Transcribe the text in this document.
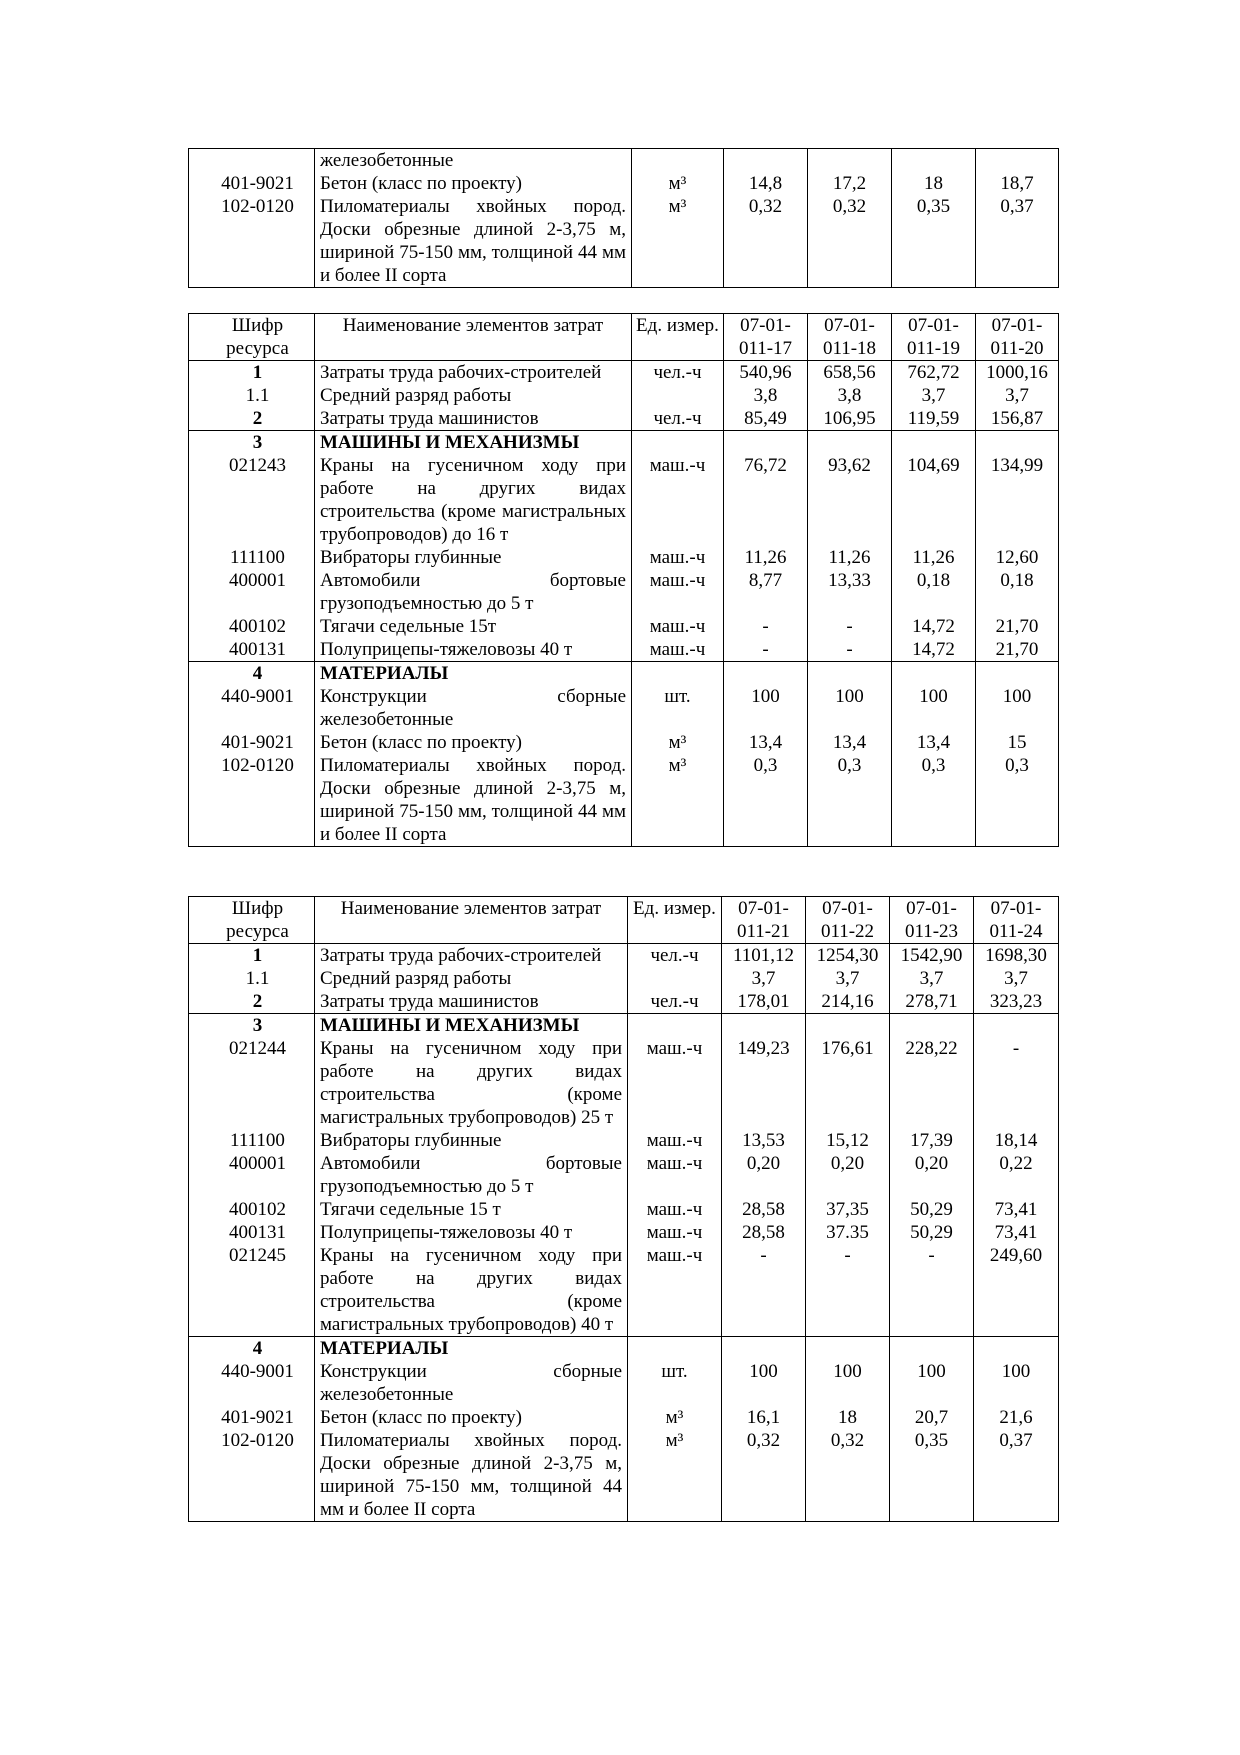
	железобетонные					
401-9021	Бетон (класс по проекту)	м³	14,8	17,2	18	18,7
102-0120	Пиломатериалы хвойных пород. Доски обрезные длиной 2-3,75 м, шириной 75-150 мм, толщиной 44 мм и более II сорта	м³	0,32	0,32	0,35	0,37
Шифр ресурса	Наименование элементов затрат	Ед. измер.	07-01-011-17	07-01-011-18	07-01-011-19	07-01-011-20
1	Затраты труда рабочих-строителей	чел.-ч	540,96	658,56	762,72	1000,16
1.1	Средний разряд работы		3,8	3,8	3,7	3,7
2	Затраты труда машинистов	чел.-ч	85,49	106,95	119,59	156,87
3	МАШИНЫ И МЕХАНИЗМЫ					
021243	Краны на гусеничном ходу при работе на других видах строительства (кроме магистральных трубопроводов) до 16 т	маш.-ч	76,72	93,62	104,69	134,99
111100	Вибраторы глубинные	маш.-ч	11,26	11,26	11,26	12,60
400001	Автомобили бортовые грузоподъемностью до 5 т	маш.-ч	8,77	13,33	0,18	0,18
400102	Тягачи седельные 15т	маш.-ч	-	-	14,72	21,70
400131	Полуприцепы-тяжеловозы 40 т	маш.-ч	-	-	14,72	21,70
4	МАТЕРИАЛЫ					
440-9001	Конструкции сборные железобетонные	шт.	100	100	100	100
401-9021	Бетон (класс по проекту)	м³	13,4	13,4	13,4	15
102-0120	Пиломатериалы хвойных пород. Доски обрезные длиной 2-3,75 м, шириной 75-150 мм, толщиной 44 мм и более II сорта	м³	0,3	0,3	0,3	0,3
Шифр ресурса	Наименование элементов затрат	Ед. измер.	07-01-011-21	07-01-011-22	07-01-011-23	07-01-011-24
1	Затраты труда рабочих-строителей	чел.-ч	1101,12	1254,30	1542,90	1698,30
1.1	Средний разряд работы		3,7	3,7	3,7	3,7
2	Затраты труда машинистов	чел.-ч	178,01	214,16	278,71	323,23
3	МАШИНЫ И МЕХАНИЗМЫ					
021244	Краны на гусеничном ходу при работе на других видах строительства (кроме магистральных трубопроводов) 25 т	маш.-ч	149,23	176,61	228,22	-
111100	Вибраторы глубинные	маш.-ч	13,53	15,12	17,39	18,14
400001	Автомобили бортовые грузоподъемностью до 5 т	маш.-ч	0,20	0,20	0,20	0,22
400102	Тягачи седельные 15 т	маш.-ч	28,58	37,35	50,29	73,41
400131	Полуприцепы-тяжеловозы 40 т	маш.-ч	28,58	37.35	50,29	73,41
021245	Краны на гусеничном ходу при работе на других видах строительства (кроме магистральных трубопроводов) 40 т	маш.-ч	-	-	-	249,60
4	МАТЕРИАЛЫ					
440-9001	Конструкции сборные железобетонные	шт.	100	100	100	100
401-9021	Бетон (класс по проекту)	м³	16,1	18	20,7	21,6
102-0120	Пиломатериалы хвойных пород. Доски обрезные длиной 2-3,75 м, шириной 75-150 мм, толщиной 44 мм и более II сорта	м³	0,32	0,32	0,35	0,37
